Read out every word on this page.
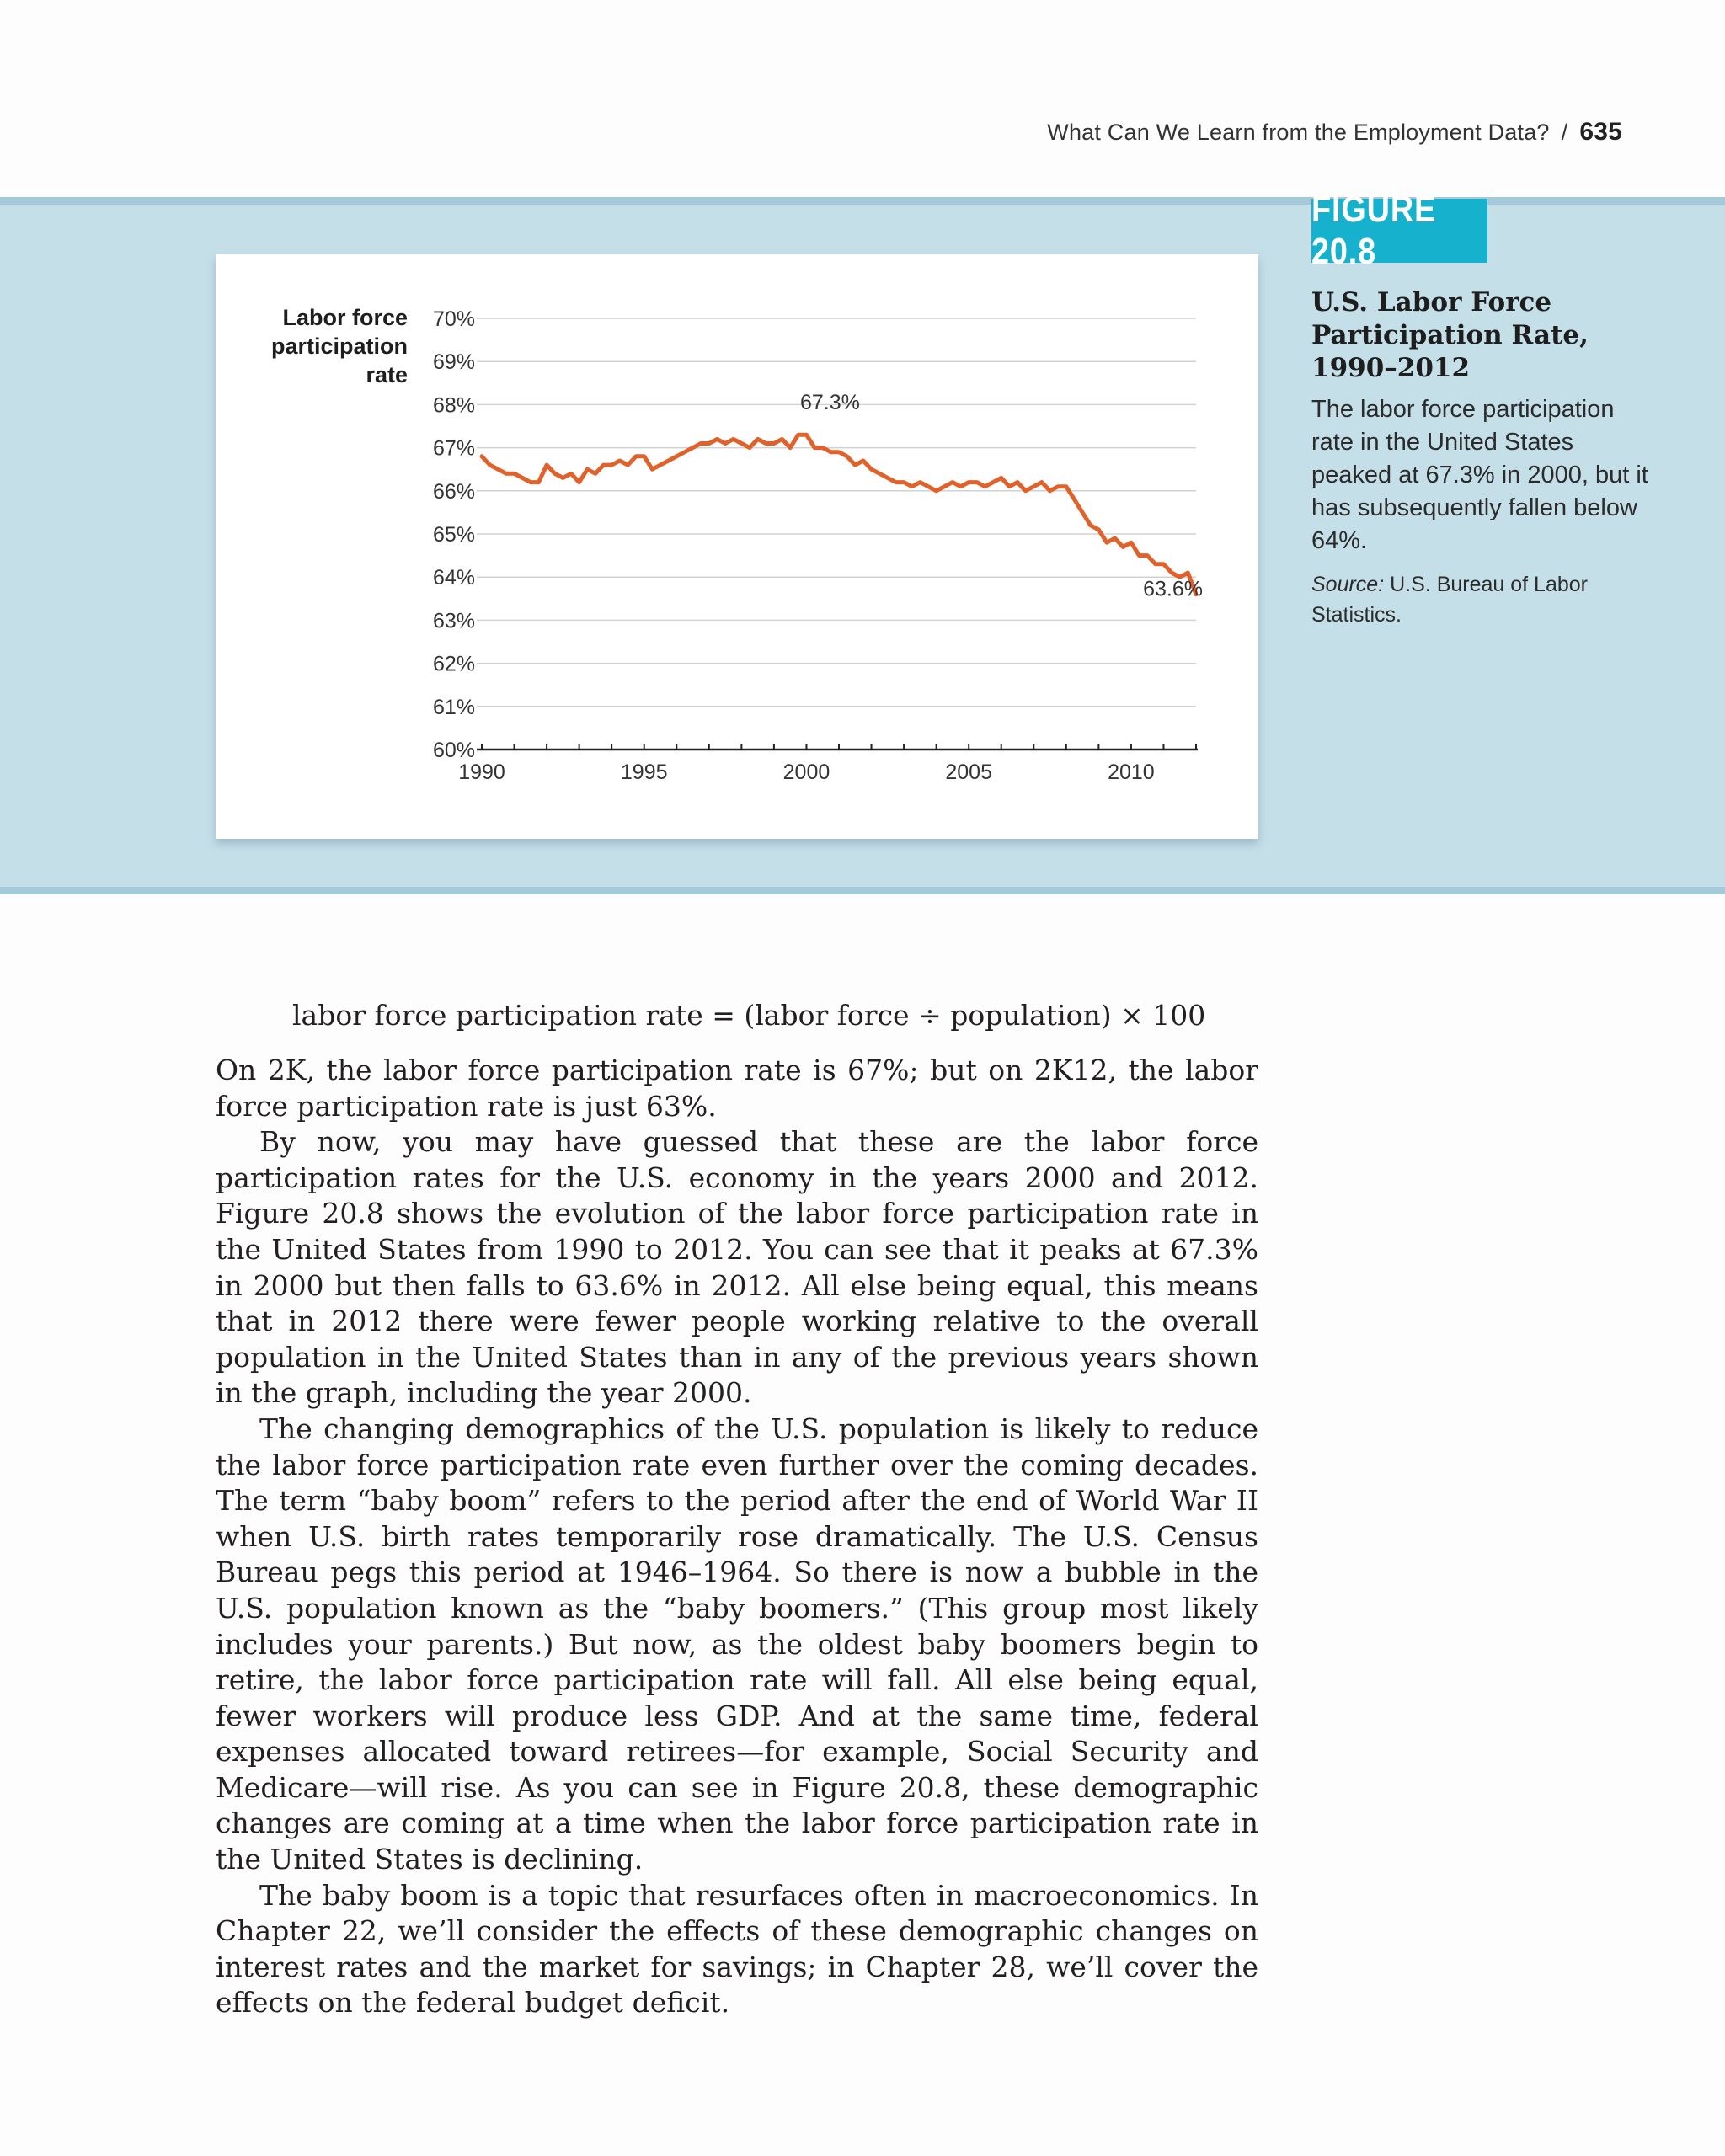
What Can We Learn from the Employment Data? / 635
FIGURE 20.8
U.S. Labor Force Participation Rate, 1990–2012
The labor force participation rate in the United States peaked at 67.3% in 2000, but it has subsequently fallen below 64%.
Source: U.S. Bureau of Labor Statistics.
Labor force participation rate
70%
69%
68%
67%
66%
65%
64%
63%
62%
61%
60%
1990	1995	2000	2005	2010
67.3%
63.6%
labor force participation rate = (labor force ÷ population) × 100

On 2K, the labor force participation rate is 67%; but on 2K12, the labor force participation rate is just 63%.

By now, you may have guessed that these are the labor force participation rates for the U.S. economy in the years 2000 and 2012. Figure 20.8 shows the evolution of the labor force participation rate in the United States from 1990 to 2012. You can see that it peaks at 67.3% in 2000 but then falls to 63.6% in 2012. All else being equal, this means that in 2012 there were fewer people working relative to the overall population in the United States than in any of the previous years shown in the graph, including the year 2000.

The changing demographics of the U.S. population is likely to reduce the labor force participation rate even further over the coming decades. The term “baby boom” refers to the period after the end of World War II when U.S. birth rates temporarily rose dramatically. The U.S. Census Bureau pegs this period at 1946–1964. So there is now a bubble in the U.S. population known as the “baby boomers.” (This group most likely includes your parents.) But now, as the oldest baby boomers begin to retire, the labor force participation rate will fall. All else being equal, fewer workers will produce less GDP. And at the same time, federal expenses allocated toward retirees—for example, Social Security and Medicare—will rise. As you can see in Figure 20.8, these demographic changes are coming at a time when the labor force participation rate in the United States is declining.

The baby boom is a topic that resurfaces often in macroeconomics. In Chapter 22, we’ll consider the effects of these demographic changes on interest rates and the market for savings; in Chapter 28, we’ll cover the effects on the federal budget deficit.
